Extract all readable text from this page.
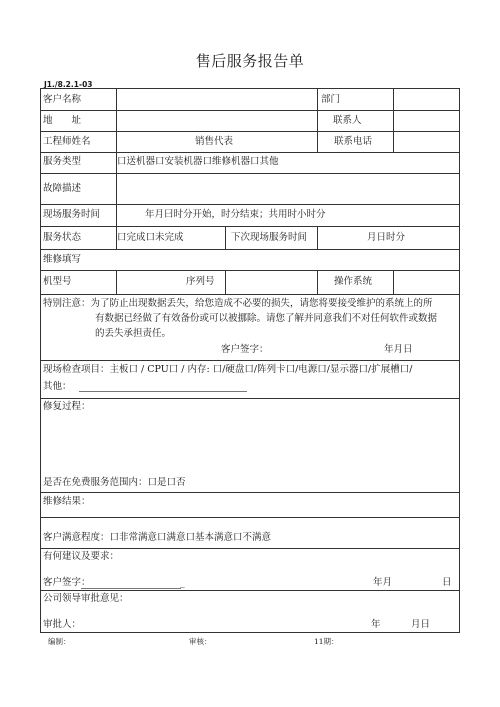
售后服务报告单
J1./8.2.1-03
客户名称	部门
地　　址	联系人
工程师姓名	销售代表	联系电话
服务类型	口送机器口安装机器口维修机器口其他
故障描述
现场服务时间	年月曰时分开始，时分结束；共用时小时分
服务状态	口完成口未完成	下次现场服务时间	月日时分
维修填写
机型号	序列号	操作系统
特别注意：为了防止出现数据丢失，给您造成不必要的损失，请您将要接受维护的系统上的所
有数据已经做了有效备份或可以被挪除。请您了解并同意我们不对任何软件或数据
的丢失承担责任。
客户签字：	年月日
现场检查项目：主板口 / CPU口 / 内存: 口/硬盘口/阵列卡口/电源口/显示器口/扩展槽口/
其他：
修复过程：
是否在免费服务范围内：口是口否
维修结果：
客户满意程度：口非常满意口满意口基本满意口不满意
有何建议及要求：
客户签字：	_	年月	日
公司领导审批意见：
审批人：	年	月日
编制：	审核：	11期：
